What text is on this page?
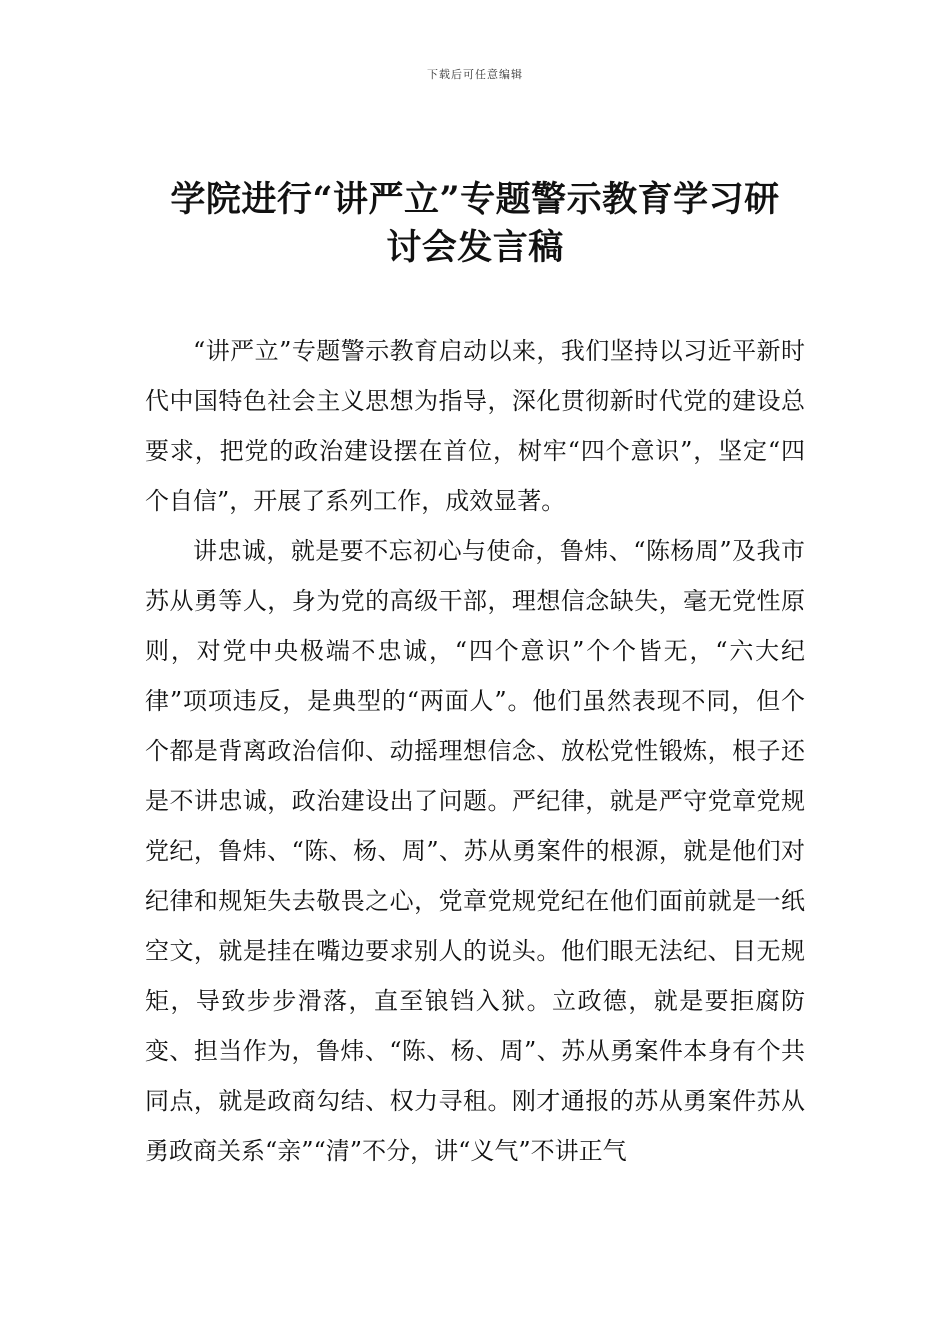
下载后可任意编辑
学院进行“讲严立”专题警示教育学习研
讨会发言稿

“讲严立”专题警示教育启动以来，我们坚持以习近平新时代中国特色社会主义思想为指导，深化贯彻新时代党的建设总要求，把党的政治建设摆在首位，树牢“四个意识”，坚定“四个自信”，开展了系列工作，成效显著。

讲忠诚，就是要不忘初心与使命，鲁炜、“陈杨周”及我市苏从勇等人，身为党的高级干部，理想信念缺失，毫无党性原则，对党中央极端不忠诚，“四个意识”个个皆无，“六大纪律”项项违反，是典型的“两面人”。他们虽然表现不同，但个个都是背离政治信仰、动摇理想信念、放松党性锻炼，根子还是不讲忠诚，政治建设出了问题。严纪律，就是严守党章党规党纪，鲁炜、“陈、杨、周”、苏从勇案件的根源，就是他们对纪律和规矩失去敬畏之心，党章党规党纪在他们面前就是一纸空文，就是挂在嘴边要求别人的说头。他们眼无法纪、目无规矩，导致步步滑落，直至锒铛入狱。立政德，就是要拒腐防变、担当作为，鲁炜、“陈、杨、周”、苏从勇案件本身有个共同点，就是政商勾结、权力寻租。刚才通报的苏从勇案件苏从勇政商关系“亲”“清”不分，讲“义气”不讲正气
